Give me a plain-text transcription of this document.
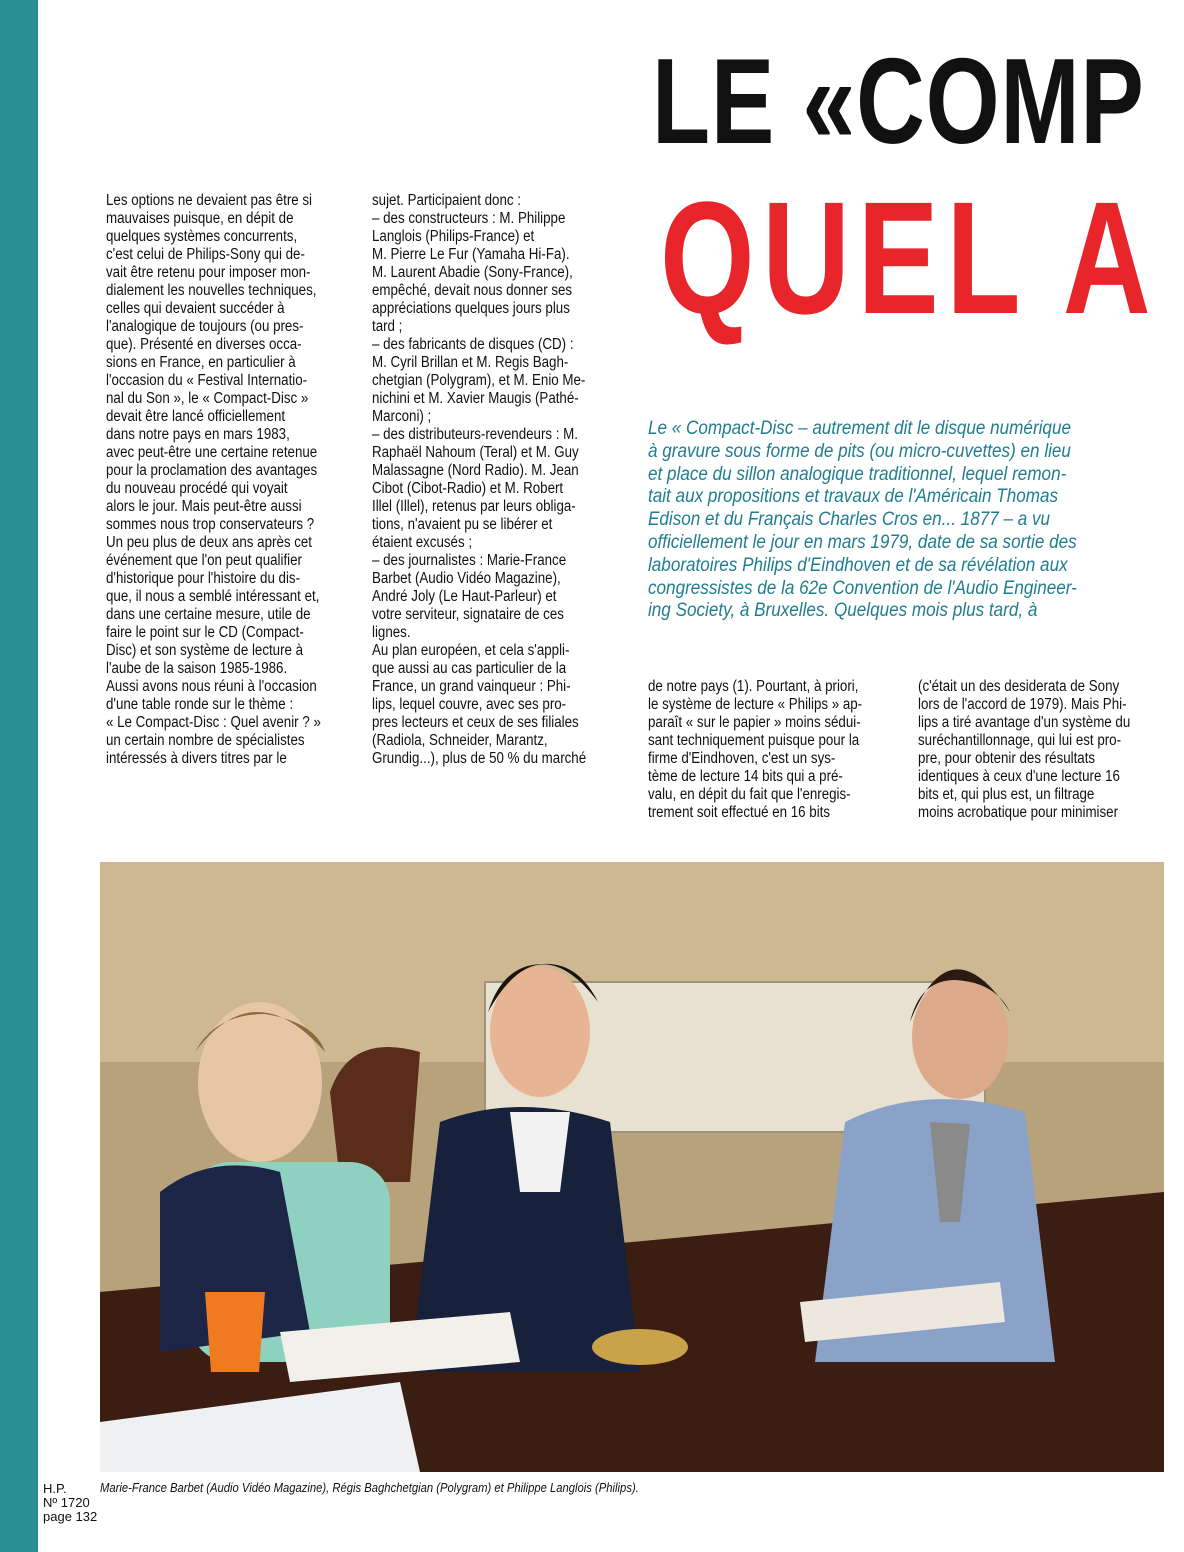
LE «COMP
QUEL A
Les options ne devaient pas être si
mauvaises puisque, en dépit de
quelques systèmes concurrents,
c'est celui de Philips-Sony qui de-
vait être retenu pour imposer mon-
dialement les nouvelles techniques,
celles qui devaient succéder à
l'analogique de toujours (ou pres-
que). Présenté en diverses occa-
sions en France, en particulier à
l'occasion du « Festival Internatio-
nal du Son », le « Compact-Disc »
devait être lancé officiellement
dans notre pays en mars 1983,
avec peut-être une certaine retenue
pour la proclamation des avantages
du nouveau procédé qui voyait
alors le jour. Mais peut-être aussi
sommes nous trop conservateurs ?
Un peu plus de deux ans après cet
événement que l'on peut qualifier
d'historique pour l'histoire du dis-
que, il nous a semblé intéressant et,
dans une certaine mesure, utile de
faire le point sur le CD (Compact-
Disc) et son système de lecture à
l'aube de la saison 1985-1986.
Aussi avons nous réuni à l'occasion
d'une table ronde sur le thème :
« Le Compact-Disc : Quel avenir ? »
un certain nombre de spécialistes
intéressés à divers titres par le
sujet. Participaient donc :
– des constructeurs : M. Philippe
Langlois (Philips-France) et
M. Pierre Le Fur (Yamaha Hi-Fa).
M. Laurent Abadie (Sony-France),
empêché, devait nous donner ses
appréciations quelques jours plus
tard ;
– des fabricants de disques (CD) :
M. Cyril Brillan et M. Regis Bagh-
chetgian (Polygram), et M. Enio Me-
nichini et M. Xavier Maugis (Pathé-
Marconi) ;
– des distributeurs-revendeurs : M.
Raphaël Nahoum (Teral) et M. Guy
Malassagne (Nord Radio). M. Jean
Cibot (Cibot-Radio) et M. Robert
Illel (Illel), retenus par leurs obliga-
tions, n'avaient pu se libérer et
étaient excusés ;
– des journalistes : Marie-France
Barbet (Audio Vidéo Magazine),
André Joly (Le Haut-Parleur) et
votre serviteur, signataire de ces
lignes.
Au plan européen, et cela s'appli-
que aussi au cas particulier de la
France, un grand vainqueur : Phi-
lips, lequel couvre, avec ses pro-
pres lecteurs et ceux de ses filiales
(Radiola, Schneider, Marantz,
Grundig...), plus de 50 % du marché
Le « Compact-Disc – autrement dit le disque numérique
à gravure sous forme de pits (ou micro-cuvettes) en lieu
et place du sillon analogique traditionnel, lequel remon-
tait aux propositions et travaux de l'Américain Thomas
Edison et du Français Charles Cros en... 1877 – a vu
officiellement le jour en mars 1979, date de sa sortie des
laboratoires Philips d'Eindhoven et de sa révélation aux
congressistes de la 62e Convention de l'Audio Engineer-
ing Society, à Bruxelles. Quelques mois plus tard, à
de notre pays (1). Pourtant, à priori,
le système de lecture « Philips » ap-
paraît « sur le papier » moins sédui-
sant techniquement puisque pour la
firme d'Eindhoven, c'est un sys-
tème de lecture 14 bits qui a pré-
valu, en dépit du fait que l'enregis-
trement soit effectué en 16 bits
(c'était un des desiderata de Sony
lors de l'accord de 1979). Mais Phi-
lips a tiré avantage d'un système du
suréchantillonnage, qui lui est pro-
pre, pour obtenir des résultats
identiques à ceux d'une lecture 16
bits et, qui plus est, un filtrage
moins acrobatique pour minimiser
Marie-France Barbet (Audio Vidéo Magazine), Régis Baghchetgian (Polygram) et Philippe Langlois (Philips).
H.P.
Nº 1720
page 132
